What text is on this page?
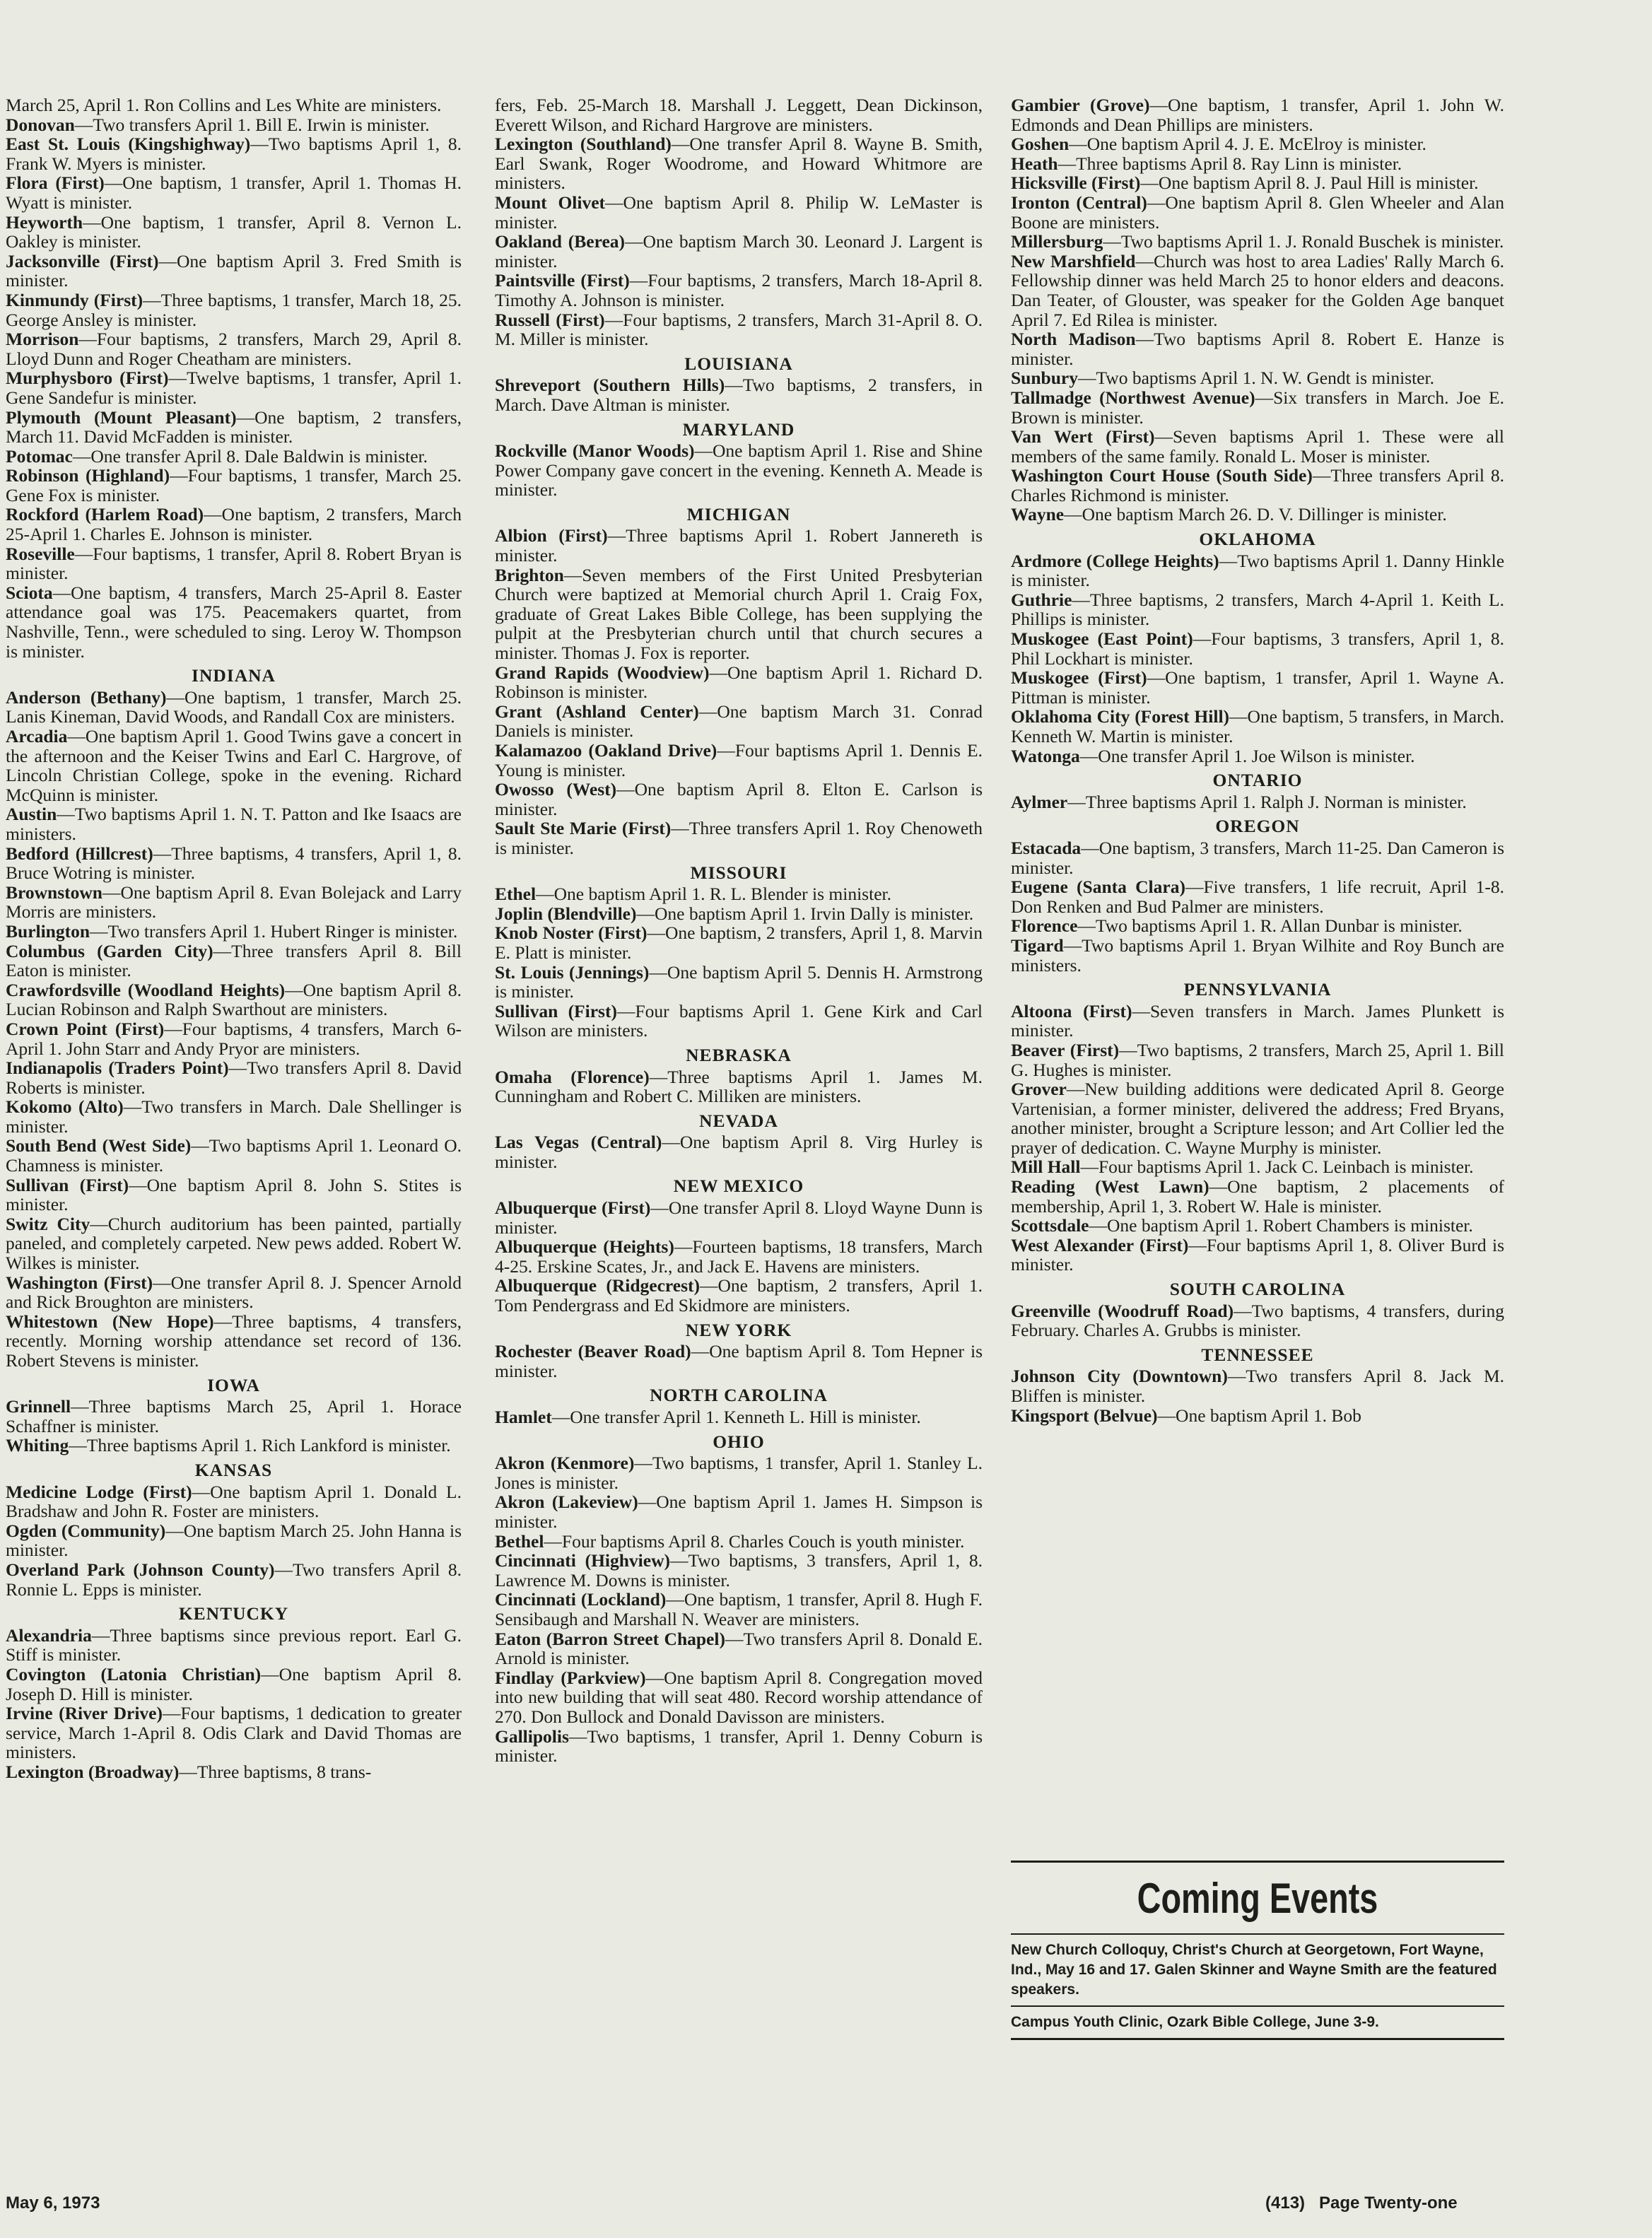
March 25, April 1. Ron Collins and Les White are ministers.

Donovan—Two transfers April 1. Bill E. Irwin is minister.

East St. Louis (Kingshighway)—Two baptisms April 1, 8. Frank W. Myers is minister.

Flora (First)—One baptism, 1 transfer, April 1. Thomas H. Wyatt is minister.

Heyworth—One baptism, 1 transfer, April 8. Vernon L. Oakley is minister.

Jacksonville (First)—One baptism April 3. Fred Smith is minister.

Kinmundy (First)—Three baptisms, 1 transfer, March 18, 25. George Ansley is minister.

Morrison—Four baptisms, 2 transfers, March 29, April 8. Lloyd Dunn and Roger Cheatham are ministers.

Murphysboro (First)—Twelve baptisms, 1 transfer, April 1. Gene Sandefur is minister.

Plymouth (Mount Pleasant)—One baptism, 2 transfers, March 11. David McFadden is minister.

Potomac—One transfer April 8. Dale Baldwin is minister.

Robinson (Highland)—Four baptisms, 1 transfer, March 25. Gene Fox is minister.

Rockford (Harlem Road)—One baptism, 2 transfers, March 25-April 1. Charles E. Johnson is minister.

Roseville—Four baptisms, 1 transfer, April 8. Robert Bryan is minister.

Sciota—One baptism, 4 transfers, March 25-April 8. Easter attendance goal was 175. Peacemakers quartet, from Nashville, Tenn., were scheduled to sing. Leroy W. Thompson is minister.

INDIANA

Anderson (Bethany)—One baptism, 1 transfer, March 25. Lanis Kineman, David Woods, and Randall Cox are ministers.

Arcadia—One baptism April 1. Good Twins gave a concert in the afternoon and the Keiser Twins and Earl C. Hargrove, of Lincoln Christian College, spoke in the evening. Richard McQuinn is minister.

Austin—Two baptisms April 1. N. T. Patton and Ike Isaacs are ministers.

Bedford (Hillcrest)—Three baptisms, 4 transfers, April 1, 8. Bruce Wotring is minister.

Brownstown—One baptism April 8. Evan Bolejack and Larry Morris are ministers.

Burlington—Two transfers April 1. Hubert Ringer is minister.

Columbus (Garden City)—Three transfers April 8. Bill Eaton is minister.

Crawfordsville (Woodland Heights)—One baptism April 8. Lucian Robinson and Ralph Swarthout are ministers.

Crown Point (First)—Four baptisms, 4 transfers, March 6-April 1. John Starr and Andy Pryor are ministers.

Indianapolis (Traders Point)—Two transfers April 8. David Roberts is minister.

Kokomo (Alto)—Two transfers in March. Dale Shellinger is minister.

South Bend (West Side)—Two baptisms April 1. Leonard O. Chamness is minister.

Sullivan (First)—One baptism April 8. John S. Stites is minister.

Switz City—Church auditorium has been painted, partially paneled, and completely carpeted. New pews added. Robert W. Wilkes is minister.

Washington (First)—One transfer April 8. J. Spencer Arnold and Rick Broughton are ministers.

Whitestown (New Hope)—Three baptisms, 4 transfers, recently. Morning worship attendance set record of 136. Robert Stevens is minister.

IOWA

Grinnell—Three baptisms March 25, April 1. Horace Schaffner is minister.

Whiting—Three baptisms April 1. Rich Lankford is minister.

KANSAS

Medicine Lodge (First)—One baptism April 1. Donald L. Bradshaw and John R. Foster are ministers.

Ogden (Community)—One baptism March 25. John Hanna is minister.

Overland Park (Johnson County)—Two transfers April 8. Ronnie L. Epps is minister.

KENTUCKY

Alexandria—Three baptisms since previous report. Earl G. Stiff is minister.

Covington (Latonia Christian)—One baptism April 8. Joseph D. Hill is minister.

Irvine (River Drive)—Four baptisms, 1 dedication to greater service, March 1-April 8. Odis Clark and David Thomas are ministers.

Lexington (Broadway)—Three baptisms, 8 trans-

fers, Feb. 25-March 18. Marshall J. Leggett, Dean Dickinson, Everett Wilson, and Richard Hargrove are ministers.

Lexington (Southland)—One transfer April 8. Wayne B. Smith, Earl Swank, Roger Woodrome, and Howard Whitmore are ministers.

Mount Olivet—One baptism April 8. Philip W. LeMaster is minister.

Oakland (Berea)—One baptism March 30. Leonard J. Largent is minister.

Paintsville (First)—Four baptisms, 2 transfers, March 18-April 8. Timothy A. Johnson is minister.

Russell (First)—Four baptisms, 2 transfers, March 31-April 8. O. M. Miller is minister.

LOUISIANA

Shreveport (Southern Hills)—Two baptisms, 2 transfers, in March. Dave Altman is minister.

MARYLAND

Rockville (Manor Woods)—One baptism April 1. Rise and Shine Power Company gave concert in the evening. Kenneth A. Meade is minister.

MICHIGAN

Albion (First)—Three baptisms April 1. Robert Jannereth is minister.

Brighton—Seven members of the First United Presbyterian Church were baptized at Memorial church April 1. Craig Fox, graduate of Great Lakes Bible College, has been supplying the pulpit at the Presbyterian church until that church secures a minister. Thomas J. Fox is reporter.

Grand Rapids (Woodview)—One baptism April 1. Richard D. Robinson is minister.

Grant (Ashland Center)—One baptism March 31. Conrad Daniels is minister.

Kalamazoo (Oakland Drive)—Four baptisms April 1. Dennis E. Young is minister.

Owosso (West)—One baptism April 8. Elton E. Carlson is minister.

Sault Ste Marie (First)—Three transfers April 1. Roy Chenoweth is minister.

MISSOURI

Ethel—One baptism April 1. R. L. Blender is minister.

Joplin (Blendville)—One baptism April 1. Irvin Dally is minister.

Knob Noster (First)—One baptism, 2 transfers, April 1, 8. Marvin E. Platt is minister.

St. Louis (Jennings)—One baptism April 5. Dennis H. Armstrong is minister.

Sullivan (First)—Four baptisms April 1. Gene Kirk and Carl Wilson are ministers.

NEBRASKA

Omaha (Florence)—Three baptisms April 1. James M. Cunningham and Robert C. Milliken are ministers.

NEVADA

Las Vegas (Central)—One baptism April 8. Virg Hurley is minister.

NEW MEXICO

Albuquerque (First)—One transfer April 8. Lloyd Wayne Dunn is minister.

Albuquerque (Heights)—Fourteen baptisms, 18 transfers, March 4-25. Erskine Scates, Jr., and Jack E. Havens are ministers.

Albuquerque (Ridgecrest)—One baptism, 2 transfers, April 1. Tom Pendergrass and Ed Skidmore are ministers.

NEW YORK

Rochester (Beaver Road)—One baptism April 8. Tom Hepner is minister.

NORTH CAROLINA

Hamlet—One transfer April 1. Kenneth L. Hill is minister.

OHIO

Akron (Kenmore)—Two baptisms, 1 transfer, April 1. Stanley L. Jones is minister.

Akron (Lakeview)—One baptism April 1. James H. Simpson is minister.

Bethel—Four baptisms April 8. Charles Couch is youth minister.

Cincinnati (Highview)—Two baptisms, 3 transfers, April 1, 8. Lawrence M. Downs is minister.

Cincinnati (Lockland)—One baptism, 1 transfer, April 8. Hugh F. Sensibaugh and Marshall N. Weaver are ministers.

Eaton (Barron Street Chapel)—Two transfers April 8. Donald E. Arnold is minister.

Findlay (Parkview)—One baptism April 8. Congregation moved into new building that will seat 480. Record worship attendance of 270. Don Bullock and Donald Davisson are ministers.

Gallipolis—Two baptisms, 1 transfer, April 1. Denny Coburn is minister.

Gambier (Grove)—One baptism, 1 transfer, April 1. John W. Edmonds and Dean Phillips are ministers.

Goshen—One baptism April 4. J. E. McElroy is minister.

Heath—Three baptisms April 8. Ray Linn is minister.

Hicksville (First)—One baptism April 8. J. Paul Hill is minister.

Ironton (Central)—One baptism April 8. Glen Wheeler and Alan Boone are ministers.

Millersburg—Two baptisms April 1. J. Ronald Buschek is minister.

New Marshfield—Church was host to area Ladies' Rally March 6. Fellowship dinner was held March 25 to honor elders and deacons. Dan Teater, of Glouster, was speaker for the Golden Age banquet April 7. Ed Rilea is minister.

North Madison—Two baptisms April 8. Robert E. Hanze is minister.

Sunbury—Two baptisms April 1. N. W. Gendt is minister.

Tallmadge (Northwest Avenue)—Six transfers in March. Joe E. Brown is minister.

Van Wert (First)—Seven baptisms April 1. These were all members of the same family. Ronald L. Moser is minister.

Washington Court House (South Side)—Three transfers April 8. Charles Richmond is minister.

Wayne—One baptism March 26. D. V. Dillinger is minister.

OKLAHOMA

Ardmore (College Heights)—Two baptisms April 1. Danny Hinkle is minister.

Guthrie—Three baptisms, 2 transfers, March 4-April 1. Keith L. Phillips is minister.

Muskogee (East Point)—Four baptisms, 3 transfers, April 1, 8. Phil Lockhart is minister.

Muskogee (First)—One baptism, 1 transfer, April 1. Wayne A. Pittman is minister.

Oklahoma City (Forest Hill)—One baptism, 5 transfers, in March. Kenneth W. Martin is minister.

Watonga—One transfer April 1. Joe Wilson is minister.

ONTARIO

Aylmer—Three baptisms April 1. Ralph J. Norman is minister.

OREGON

Estacada—One baptism, 3 transfers, March 11-25. Dan Cameron is minister.

Eugene (Santa Clara)—Five transfers, 1 life recruit, April 1-8. Don Renken and Bud Palmer are ministers.

Florence—Two baptisms April 1. R. Allan Dunbar is minister.

Tigard—Two baptisms April 1. Bryan Wilhite and Roy Bunch are ministers.

PENNSYLVANIA

Altoona (First)—Seven transfers in March. James Plunkett is minister.

Beaver (First)—Two baptisms, 2 transfers, March 25, April 1. Bill G. Hughes is minister.

Grover—New building additions were dedicated April 8. George Vartenisian, a former minister, delivered the address; Fred Bryans, another minister, brought a Scripture lesson; and Art Collier led the prayer of dedication. C. Wayne Murphy is minister.

Mill Hall—Four baptisms April 1. Jack C. Leinbach is minister.

Reading (West Lawn)—One baptism, 2 placements of membership, April 1, 3. Robert W. Hale is minister.

Scottsdale—One baptism April 1. Robert Chambers is minister.

West Alexander (First)—Four baptisms April 1, 8. Oliver Burd is minister.

SOUTH CAROLINA

Greenville (Woodruff Road)—Two baptisms, 4 transfers, during February. Charles A. Grubbs is minister.

TENNESSEE

Johnson City (Downtown)—Two transfers April 8. Jack M. Bliffen is minister.

Kingsport (Belvue)—One baptism April 1. Bob

Coming Events

New Church Colloquy, Christ's Church at Georgetown, Fort Wayne, Ind., May 16 and 17. Galen Skinner and Wayne Smith are the featured speakers.

Campus Youth Clinic, Ozark Bible College, June 3-9.

May 6, 1973	(413)   Page Twenty-one
